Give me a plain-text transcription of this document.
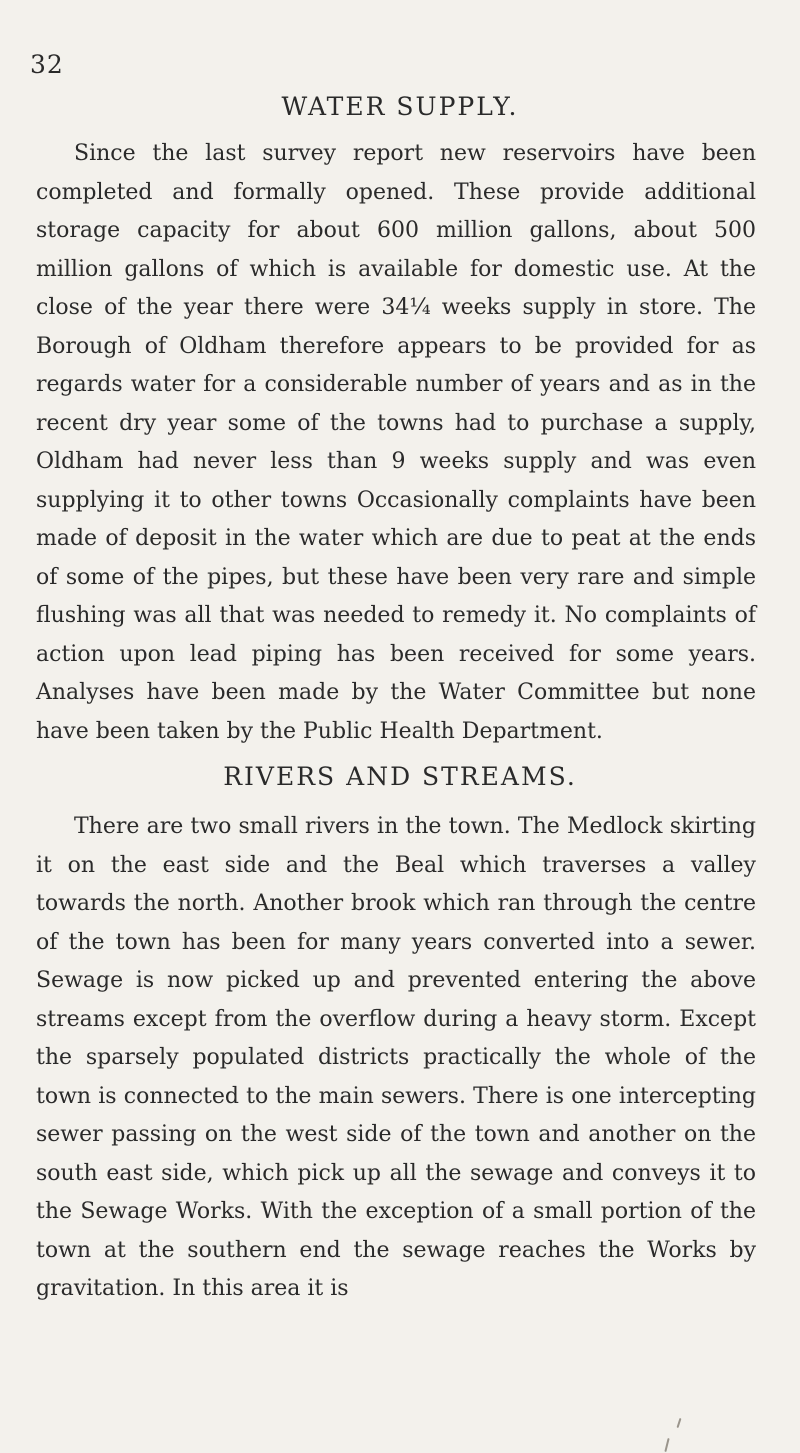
32
WATER SUPPLY.

Since the last survey report new reservoirs have been completed and formally opened. These provide additional storage capacity for about 600 million gallons, about 500 million gallons of which is available for domestic use. At the close of the year there were 34¼ weeks supply in store. The Borough of Oldham therefore appears to be provided for as regards water for a considerable number of years and as in the recent dry year some of the towns had to purchase a supply, Oldham had never less than 9 weeks supply and was even supplying it to other towns Occasionally complaints have been made of deposit in the water which are due to peat at the ends of some of the pipes, but these have been very rare and simple flushing was all that was needed to remedy it. No complaints of action upon lead piping has been received for some years. Analyses have been made by the Water Committee but none have been taken by the Public Health Department.

RIVERS AND STREAMS.

There are two small rivers in the town. The Medlock skirting it on the east side and the Beal which traverses a valley towards the north. Another brook which ran through the centre of the town has been for many years converted into a sewer. Sewage is now picked up and prevented entering the above streams except from the overflow during a heavy storm. Except the sparsely populated districts practically the whole of the town is connected to the main sewers. There is one intercepting sewer passing on the west side of the town and another on the south east side, which pick up all the sewage and conveys it to the Sewage Works. With the exception of a small portion of the town at the southern end the sewage reaches the Works by gravitation. In this area it is
